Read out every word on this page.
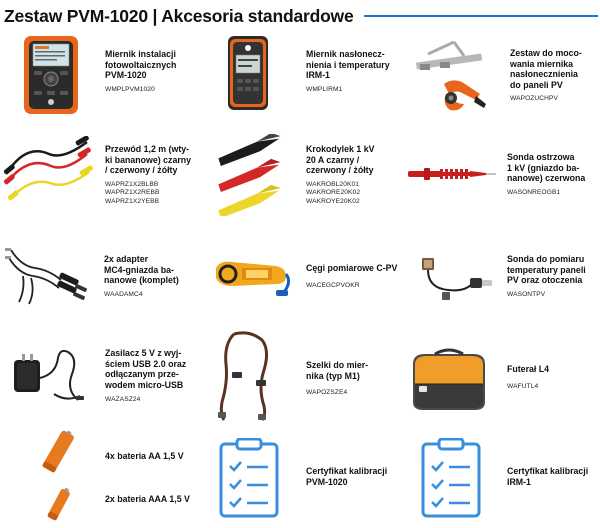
Zestaw PVM-1020 | Akcesoria standardowe

Miernik instalacji
fotowoltaicznych
PVM-1020

WMPLPVM1020

Miernik nasłonecz-
nienia i temperatury
IRM-1

WMPLIRM1

Zestaw do moco-
wania miernika
nasłonecznienia
do paneli PV

WAPOZUCHPV

Przewód 1,2 m (wty-
ki bananowe) czarny
/ czerwony / żółty

WAPRZ1X2BLBB
WAPRZ1X2REBB
WAPRZ1X2YEBB

Krokodylek 1 kV
20 A czarny /
czerwony / żółty

WAKROBL20K01
WAKRORE20K02
WAKROYE20K02

Sonda ostrzowa
1 kV (gniazdo ba-
nanowe) czerwona

WASONREOGB1

2x adapter
MC4-gniazda ba-
nanowe (komplet)

WAADAMC4

Cęgi pomiarowe C-PV

WACEGCPVOKR

Sonda do pomiaru
temperatury paneli
PV oraz otoczenia

WASONTPV

Zasilacz 5 V z wyj-
ściem USB 2.0 oraz
odłączanym prze-
wodem micro-USB

WAZASZ24

Szelki do mier-
nika (typ M1)

WAPOZSZE4

Futerał L4

WAFUTL4

4x bateria AA 1,5 V

2x bateria AAA 1,5 V

Certyfikat kalibracji
PVM-1020

Certyfikat kalibracji
IRM-1
